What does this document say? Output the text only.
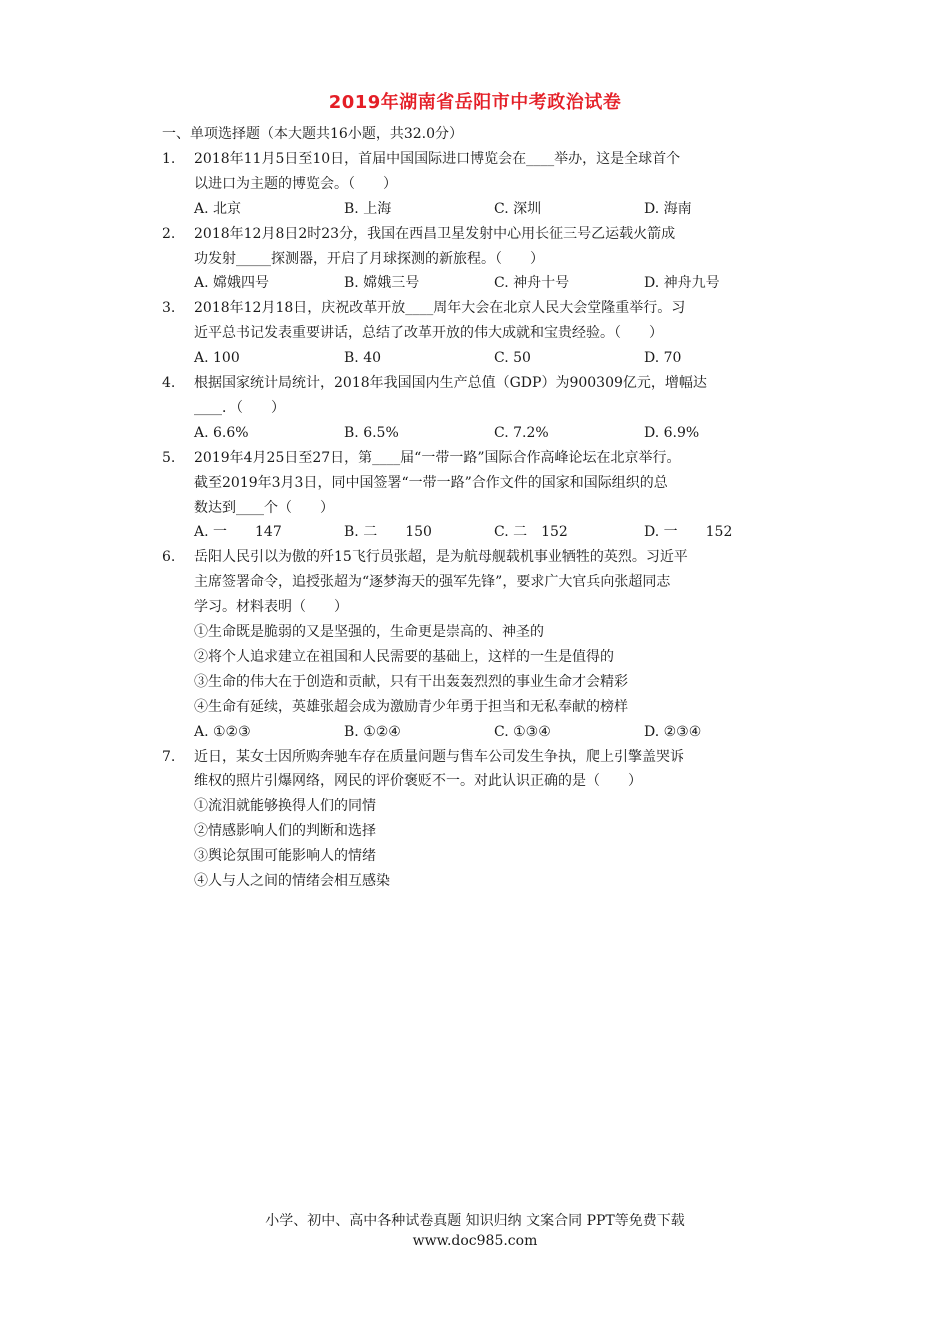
2019年湖南省岳阳市中考政治试卷
一、单项选择题（本大题共16小题，共32.0分）
1. 2018年11月5日至10日，首届中国国际进口博览会在____举办，这是全球首个
以进口为主题的博览会。（　　）
A. 北京	B. 上海	C. 深圳	D. 海南
2. 2018年12月8日2时23分，我国在西昌卫星发射中心用长征三号乙运载火箭成
功发射_____探测器，开启了月球探测的新旅程。（　　）
A. 嫦娥四号	B. 嫦娥三号	C. 神舟十号	D. 神舟九号
3. 2018年12月18日，庆祝改革开放____周年大会在北京人民大会堂隆重举行。习
近平总书记发表重要讲话，总结了改革开放的伟大成就和宝贵经验。（　　）
A. 100	B. 40	C. 50	D. 70
4. 根据国家统计局统计，2018年我国国内生产总值（GDP）为900309亿元，增幅达
____．（　　）
A. 6.6%	B. 6.5%	C. 7.2%	D. 6.9%
5. 2019年4月25日至27日，第____届“一带一路”国际合作高峰论坛在北京举行。
截至2019年3月3日，同中国签署“一带一路”合作文件的国家和国际组织的总
数达到____个（　　）
A. 一　　147	B. 二　　150	C. 二　152	D. 一　　152
6. 岳阳人民引以为傲的歼15飞行员张超，是为航母舰载机事业牺牲的英烈。习近平
主席签署命令，追授张超为“逐梦海天的强军先锋”，要求广大官兵向张超同志
学习。材料表明（　　）
①生命既是脆弱的又是坚强的，生命更是崇高的、神圣的
②将个人追求建立在祖国和人民需要的基础上，这样的一生是值得的
③生命的伟大在于创造和贡献，只有干出轰轰烈烈的事业生命才会精彩
④生命有延续，英雄张超会成为激励青少年勇于担当和无私奉献的榜样
A. ①②③	B. ①②④	C. ①③④	D. ②③④
7. 近日，某女士因所购奔驰车存在质量问题与售车公司发生争执，爬上引擎盖哭诉
维权的照片引爆网络，网民的评价褒贬不一。对此认识正确的是（　　）
①流泪就能够换得人们的同情
②情感影响人们的判断和选择
③舆论氛围可能影响人的情绪
④人与人之间的情绪会相互感染
小学、初中、高中各种试卷真题 知识归纳 文案合同 PPT等免费下载
www.doc985.com
